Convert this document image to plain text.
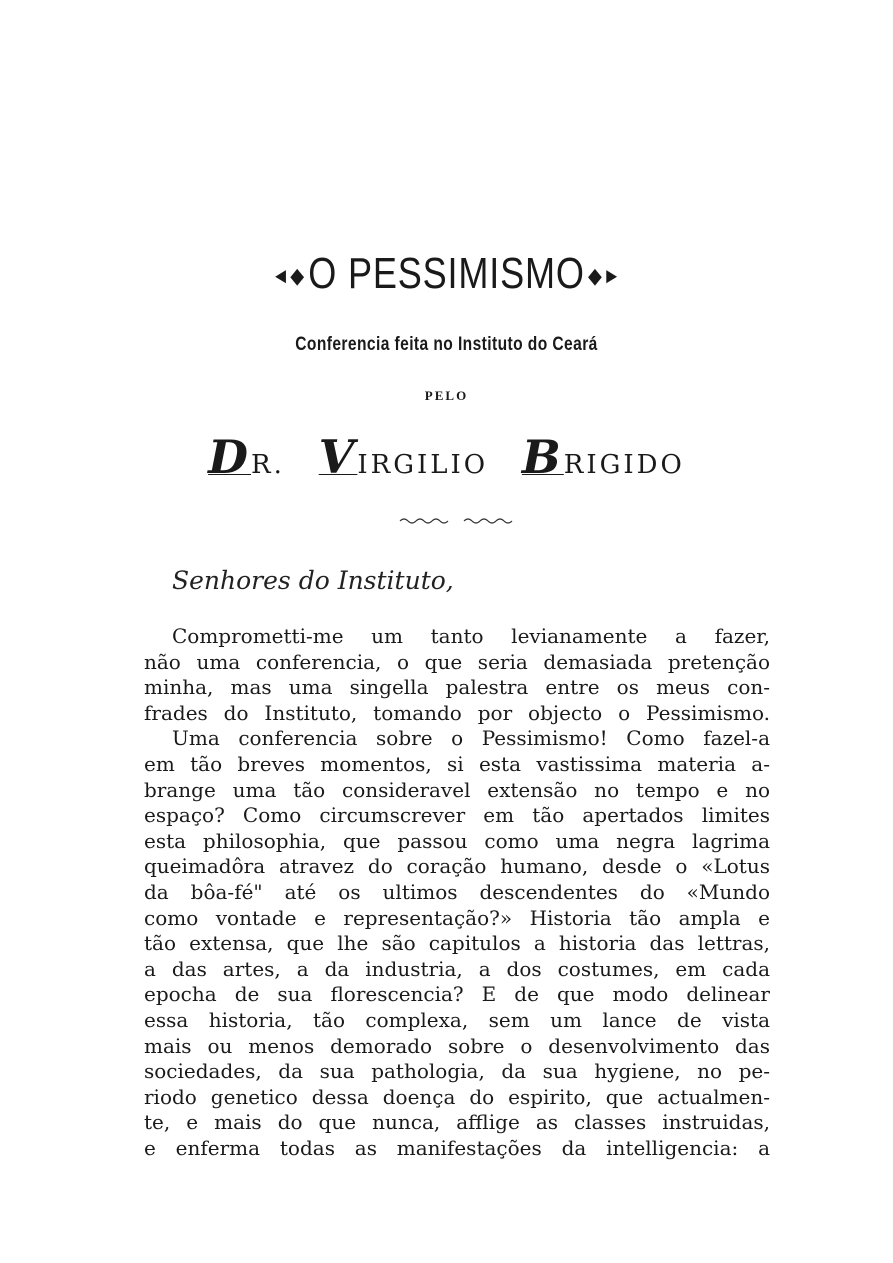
◄◆O PESSIMISMO ◆►
Conferencia feita no Instituto do Ceará
PELO
DR. VIRGILIO BRIGIDO
Senhores do Instituto,
Comprometti-me um tanto levianamente a fazer,
não uma conferencia, o que seria demasiada pretenção
minha, mas uma singella palestra entre os meus con-
frades do Instituto, tomando por objecto o Pessimismo.
Uma conferencia sobre o Pessimismo! Como fazel-a
em tão breves momentos, si esta vastissima materia a-
brange uma tão consideravel extensão no tempo e no
espaço? Como circumscrever em tão apertados limites
esta philosophia, que passou como uma negra lagrima
queimadôra atravez do coração humano, desde o «Lotus
da bôa-fé" até os ultimos descendentes do «Mundo
como vontade e representação?» Historia tão ampla e
tão extensa, que lhe são capitulos a historia das lettras,
a das artes, a da industria, a dos costumes, em cada
epocha de sua florescencia? E de que modo delinear
essa historia, tão complexa, sem um lance de vista
mais ou menos demorado sobre o desenvolvimento das
sociedades, da sua pathologia, da sua hygiene, no pe-
riodo genetico dessa doença do espirito, que actualmen-
te, e mais do que nunca, afflige as classes instruidas,
e enferma todas as manifestações da intelligencia: a
